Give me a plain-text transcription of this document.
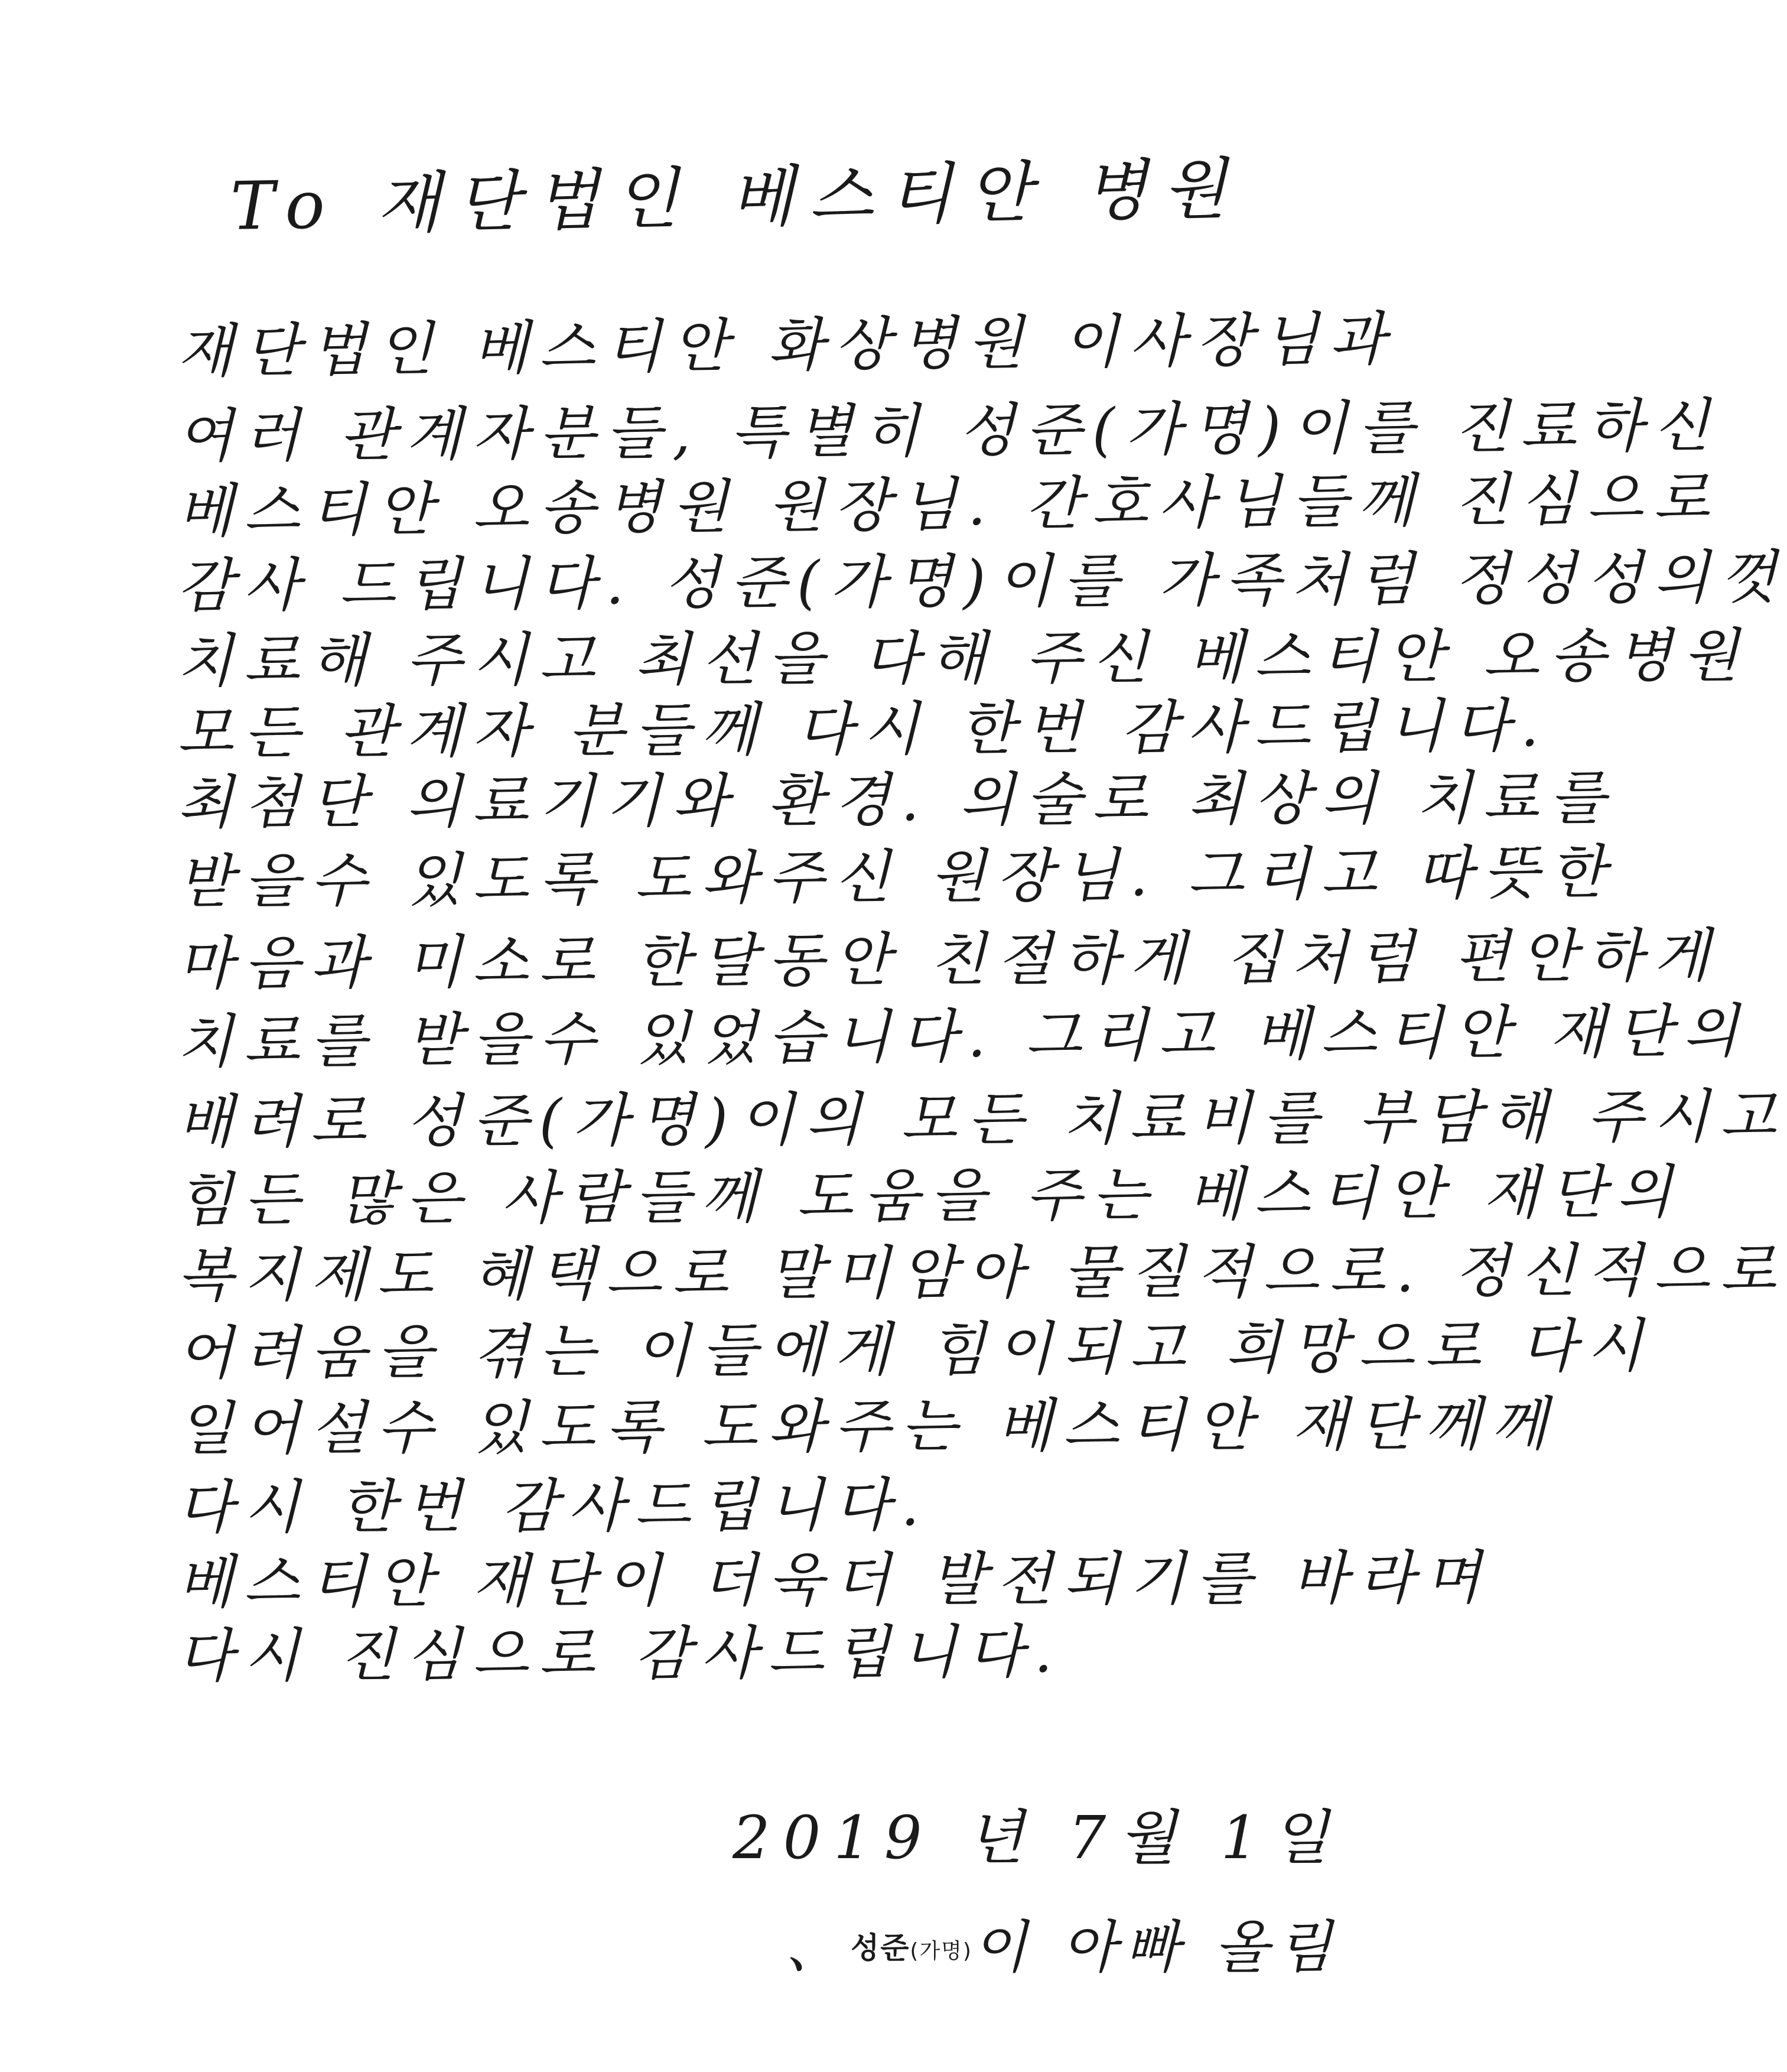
To 재단법인 베스티안 병원
재단법인 베스티안 화상병원 이사장님과
여러 관계자분들, 특별히 성준(가명)이를 진료하신
베스티안 오송병원 원장님. 간호사님들께 진심으로
감사 드립니다. 성준(가명)이를 가족처럼 정성성의껏
치료해 주시고 최선을 다해 주신 베스티안 오송병원
모든 관계자 분들께 다시 한번 감사드립니다.
최첨단 의료기기와 환경. 의술로 최상의 치료를
받을수 있도록 도와주신 원장님. 그리고 따뜻한
마음과 미소로 한달동안 친절하게 집처럼 편안하게
치료를 받을수 있었습니다. 그리고 베스티안 재단의
배려로 성준(가명)이의 모든 치료비를 부담해 주시고
힘든 많은 사람들께 도움을 주는 베스티안 재단의
복지제도 혜택으로 말미암아 물질적으로. 정신적으로
어려움을 겪는 이들에게 힘이되고 희망으로 다시
일어설수 있도록 도와주는 베스티안 재단께께
다시 한번 감사드립니다.
베스티안 재단이 더욱더 발전되기를 바라며
다시 진심으로 감사드립니다.
2019 년 7월 1일
、성준(가명)이 아빠 올림
